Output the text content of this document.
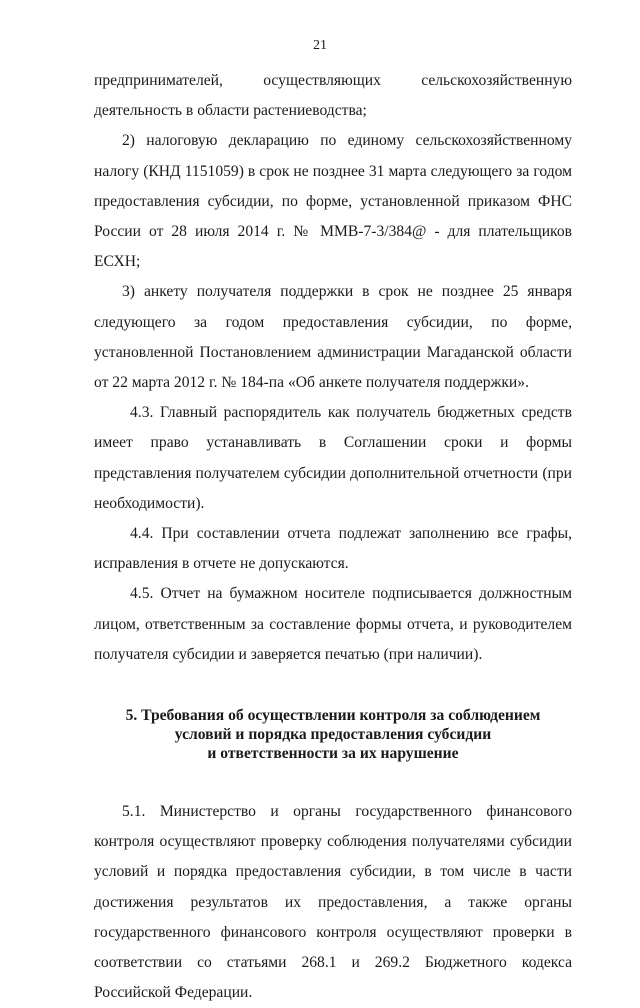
21

предпринимателей, осуществляющих сельскохозяйственную деятельность в области растениеводства;

2) налоговую декларацию по единому сельскохозяйственному налогу (КНД 1151059) в срок не позднее 31 марта следующего за годом предоставления субсидии, по форме, установленной приказом ФНС России от 28 июля 2014 г. № ММВ-7-3/384@ - для плательщиков ЕСХН;

3) анкету получателя поддержки в срок не позднее 25 января следующего за годом предоставления субсидии, по форме, установленной Постановлением администрации Магаданской области от 22 марта 2012 г. № 184-па «Об анкете получателя поддержки».

4.3. Главный распорядитель как получатель бюджетных средств имеет право устанавливать в Соглашении сроки и формы представления получателем субсидии дополнительной отчетности (при необходимости).

4.4. При составлении отчета подлежат заполнению все графы, исправления в отчете не допускаются.

4.5. Отчет на бумажном носителе подписывается должностным лицом, ответственным за составление формы отчета, и руководителем получателя субсидии и заверяется печатью (при наличии).

5. Требования об осуществлении контроля за соблюдением

условий и порядка предоставления субсидии

и ответственности за их нарушение

5.1. Министерство и органы государственного финансового контроля осуществляют проверку соблюдения получателями субсидии условий и порядка предоставления субсидии, в том числе в части достижения результатов их предоставления, а также органы государственного финансового контроля осуществляют проверки в соответствии со статьями 268.1 и 269.2 Бюджетного кодекса Российской Федерации.
